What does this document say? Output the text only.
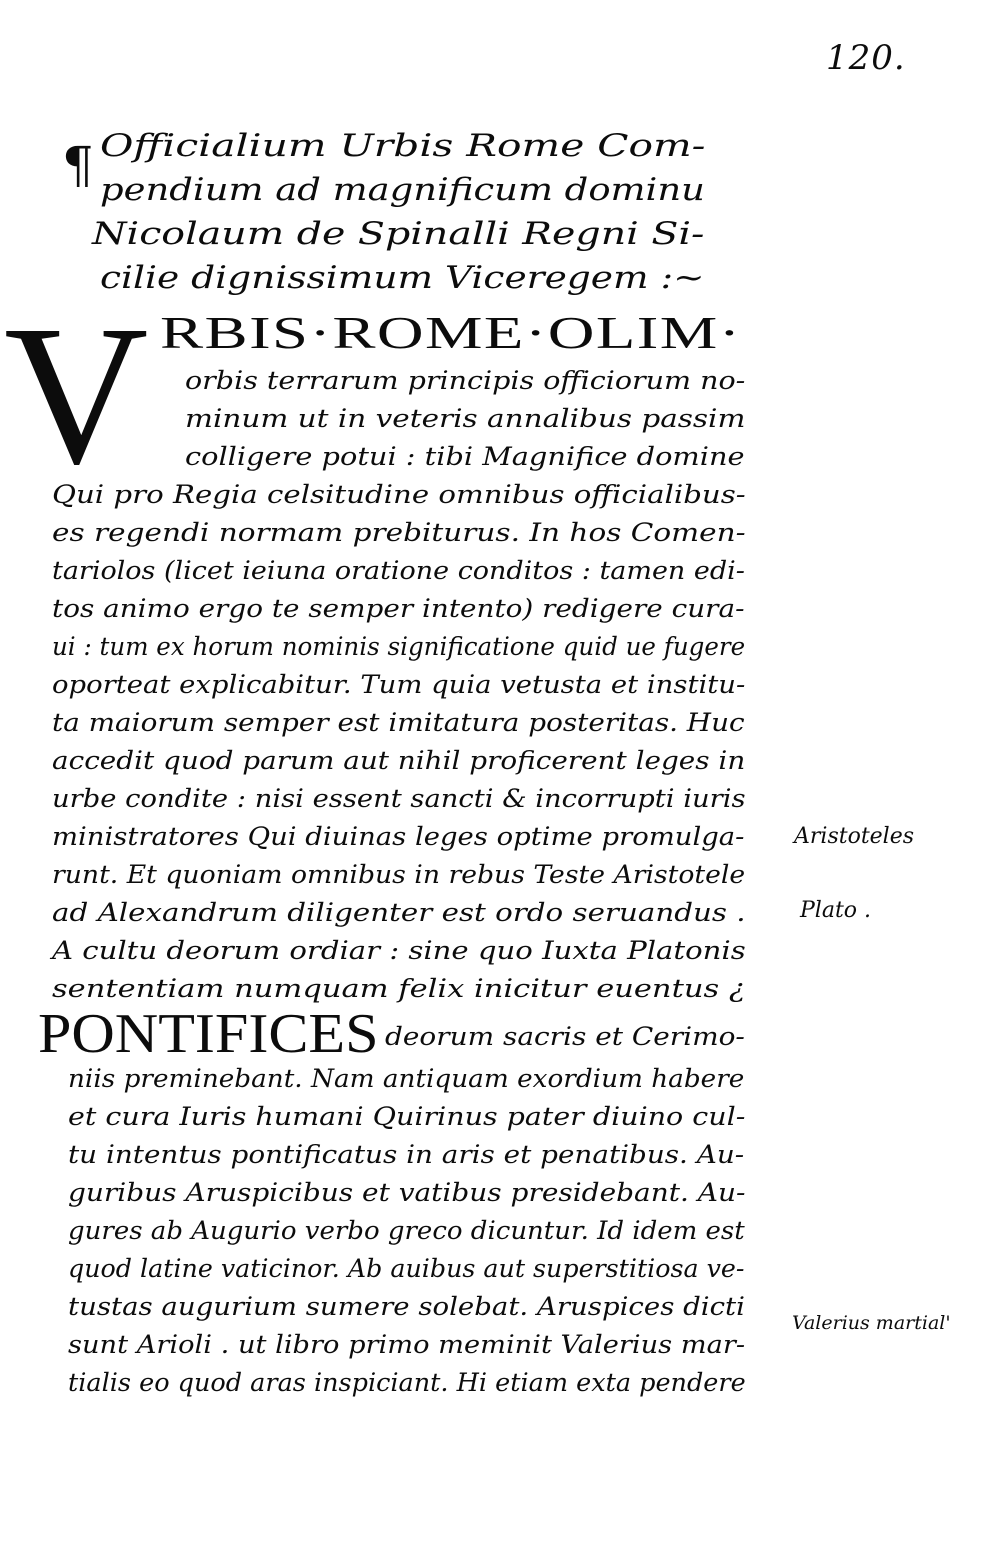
120.
¶ Officialium Urbis Rome Com-
pendium ad magnificum dominu
Nicolaum de Spinalli Regni Si-
cilie dignissimum Viceregem :~
V RBIS·ROME·OLIM·
orbis terrarum principis officiorum no-
minum ut in veteris annalibus passim
colligere potui : tibi Magnifice domine
Qui pro Regia celsitudine omnibus officialibus-
es regendi normam prebiturus. In hos Comen-
tariolos (licet ieiuna oratione conditos : tamen edi-
tos animo ergo te semper intento) redigere cura-
ui : tum ex horum nominis significatione quid ue fugere
oporteat explicabitur. Tum quia vetusta et institu-
ta maiorum semper est imitatura posteritas. Huc
accedit quod parum aut nihil proficerent leges in
urbe condite : nisi essent sancti & incorrupti iuris
ministratores Qui diuinas leges optime promulga-
runt. Et quoniam omnibus in rebus Teste Aristotele
ad Alexandrum diligenter est ordo seruandus .
A cultu deorum ordiar : sine quo Iuxta Platonis
sententiam numquam felix inicitur euentus ¿
PONTIFICES deorum sacris et Cerimo-
niis preminebant. Nam antiquam exordium habere
et cura Iuris humani Quirinus pater diuino cul-
tu intentus pontificatus in aris et penatibus. Au-
guribus Aruspicibus et vatibus presidebant. Au-
gures ab Augurio verbo greco dicuntur. Id idem est
quod latine vaticinor. Ab auibus aut superstitiosa ve-
tustas augurium sumere solebat. Aruspices dicti
sunt Arioli . ut libro primo meminit Valerius mar-
tialis eo quod aras inspiciant. Hi etiam exta pendere
Aristoteles
Plato .
Valerius martial'
